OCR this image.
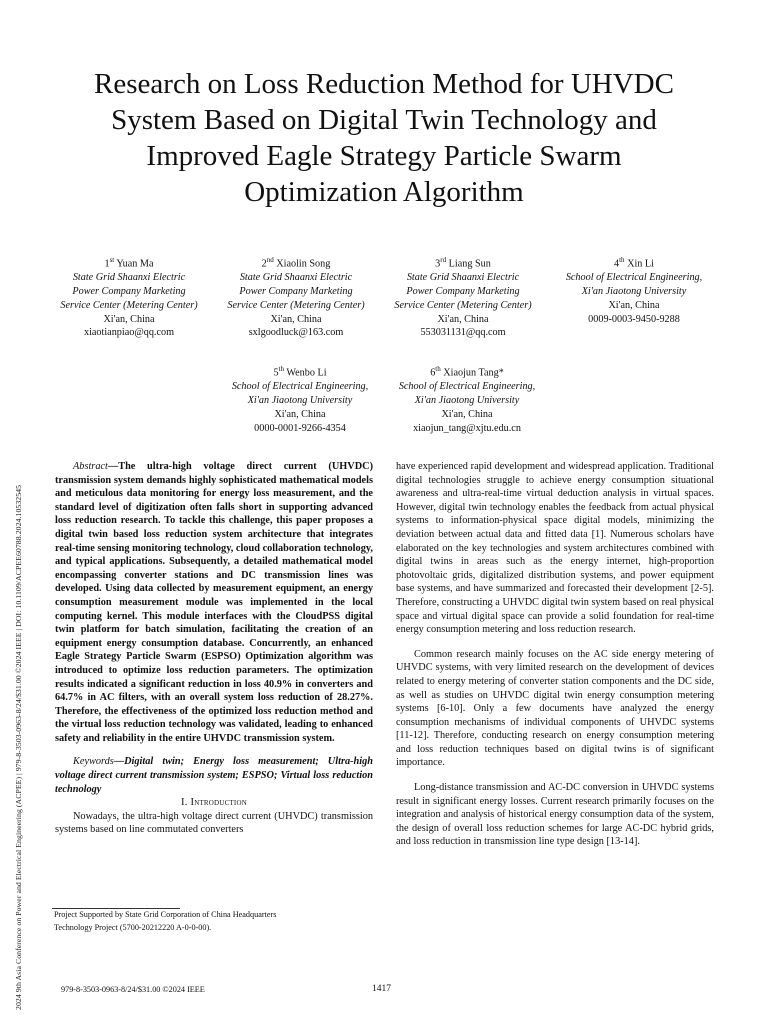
2024 9th Asia Conference on Power and Electrical Engineering (ACPEE) | 979-8-3503-0963-8/24/$31.00 ©2024 IEEE | DOI: 10.1109/ACPEE60788.2024.10532545
Research on Loss Reduction Method for UHVDC
System Based on Digital Twin Technology and
Improved Eagle Strategy Particle Swarm
Optimization Algorithm
1st Yuan Ma
State Grid Shaanxi Electric
Power Company Marketing
Service Center (Metering Center)
Xi'an, China
xiaotianpiao@qq.com
2nd Xiaolin Song
State Grid Shaanxi Electric
Power Company Marketing
Service Center (Metering Center)
Xi'an, China
sxlgoodluck@163.com
3rd Liang Sun
State Grid Shaanxi Electric
Power Company Marketing
Service Center (Metering Center)
Xi'an, China
553031131@qq.com
4th Xin Li
School of Electrical Engineering,
Xi'an Jiaotong University
Xi'an, China
0009-0003-9450-9288
5th Wenbo Li
School of Electrical Engineering,
Xi'an Jiaotong University
Xi'an, China
0000-0001-9266-4354
6th Xiaojun Tang*
School of Electrical Engineering,
Xi'an Jiaotong University
Xi'an, China
xiaojun_tang@xjtu.edu.cn

Abstract—The ultra-high voltage direct current (UHVDC) transmission system demands highly sophisticated mathematical models and meticulous data monitoring for energy loss measurement, and the standard level of digitization often falls short in supporting advanced loss reduction research. To tackle this challenge, this paper proposes a digital twin based loss reduction system architecture that integrates real-time sensing monitoring technology, cloud collaboration technology, and typical applications. Subsequently, a detailed mathematical model encompassing converter stations and DC transmission lines was developed. Using data collected by measurement equipment, an energy consumption measurement module was implemented in the local computing kernel. This module interfaces with the CloudPSS digital twin platform for batch simulation, facilitating the creation of an equipment energy consumption database. Concurrently, an enhanced Eagle Strategy Particle Swarm (ESPSO) Optimization algorithm was introduced to optimize loss reduction parameters. The optimization results indicated a significant reduction in loss 40.9% in converters and 64.7% in AC filters, with an overall system loss reduction of 28.27%. Therefore, the effectiveness of the optimized loss reduction method and the virtual loss reduction technology was validated, leading to enhanced safety and reliability in the entire UHVDC transmission system.

Keywords—Digital twin; Energy loss measurement; Ultra-high voltage direct current transmission system; ESPSO; Virtual loss reduction technology

I. Introduction

Nowadays, the ultra-high voltage direct current (UHVDC) transmission systems based on line commutated converters

have experienced rapid development and widespread application. Traditional digital technologies struggle to achieve energy consumption situational awareness and ultra-real-time virtual deduction analysis in virtual spaces. However, digital twin technology enables the feedback from actual physical systems to information-physical space digital models, minimizing the deviation between actual data and fitted data [1]. Numerous scholars have elaborated on the key technologies and system architectures combined with digital twins in areas such as the energy internet, high-proportion photovoltaic grids, digitalized distribution systems, and power equipment base systems, and have summarized and forecasted their development [2-5]. Therefore, constructing a UHVDC digital twin system based on real physical space and virtual digital space can provide a solid foundation for real-time energy consumption metering and loss reduction research.

Common research mainly focuses on the AC side energy metering of UHVDC systems, with very limited research on the development of devices related to energy metering of converter station components and the DC side, as well as studies on UHVDC digital twin energy consumption metering systems [6-10]. Only a few documents have analyzed the energy consumption mechanisms of individual components of UHVDC systems [11-12]. Therefore, conducting research on energy consumption metering and loss reduction techniques based on digital twins is of significant importance.

Long-distance transmission and AC-DC conversion in UHVDC systems result in significant energy losses. Current research primarily focuses on the integration and analysis of historical energy consumption data of the system, the design of overall loss reduction schemes for large AC-DC hybrid grids, and loss reduction in transmission line type design [13-14].

Project Supported by State Grid Corporation of China Headquarters
Technology Project (5700-20212220 A-0-0-00).
979-8-3503-0963-8/24/$31.00 ©2024 IEEE	1417
